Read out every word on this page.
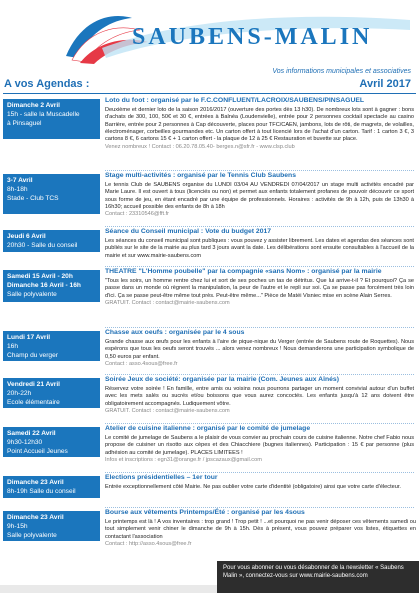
SAUBENS-MALIN
Vos informations municipales et associatives
A vos Agendas :	Avril 2017
Dimanche 2 Avril
15h - salle la Muscadelle
à Pinsaguel
Loto du foot : organisé par le F.C.CONFLUENT/LACROIX/SAUBENS/PINSAGUEL

Deuxième et dernier loto de la saison 2016/2017 (ouverture des portes dès 13 h30). De nombreux lots sont à gagner : bons d'achats de 300, 100, 50€ et 30 €, entrées à Balnéa (Loudenvielle), entrée pour 2 personnes cocktail spectacle au casino Barrière, entrée pour 2 personnes à Cap découverte, places pour TFC/CAEN, jambons, lots de rôti, de magrets, de volailles, électroménager, corbeilles gourmandes etc. Un carton offert à tout licencié lors de l'achat d'un carton. Tarif : 1 carton 3 €, 3 cartons 8 €, 6 cartons 15 € + 1 carton offert - la plaque de 12 à 25 € Restauration et buvette sur place.

Venez nombreux ! Contact : 06.20.78.05.40- berges.n@sfr.fr - www.clsp.club

3-7 Avril
8h-18h
Stade - Club TCS
Stage multi-activités : organisé par le Tennis Club Saubens

Le tennis Club de SAUBENS organise du LUNDI 03/04 AU VENDREDI 07/04/2017 un stage multi activités encadré par Marie Laure. Il est ouvert à tous (licenciés ou non) et permet aux enfants totalement profanes de pouvoir découvrir ce sport sous forme de jeu, en étant encadré par une équipe de professionnels. Horaires : activités de 9h à 12h, puis de 13h30 à 16h30; accueil possible des enfants de 8h à 18h

Contact : 23310546@fft.fr

Jeudi 6 Avril
20h30 - Salle du conseil
Séance du Conseil municipal : Vote du budget 2017

Les séances du conseil municipal sont publiques : vous pouvez y assister librement. Les dates et agendas des séances sont publiés sur le site de la mairie au plus tard 3 jours avant la date. Les délibérations sont ensuite consultables à l'accueil de la mairie et sur www.mairie-saubens.com

Samedi 15 Avril - 20h
Dimanche 16 Avril - 16h
Salle polyvalente
THEATRE "L'Homme poubelle" par la compagnie «sans Nom» : organisé par la mairie

"Tous les soirs, un homme rentre chez lui et sort de ses poches un tas de détritus. Que lui arrive-t-il ? Et pourquoi? Ça se passe dans un monde où règnent la manipulation, la peur de l'autre et le repli sur soi. Ça se passe pas forcément très loin d'ici. Ça se passe peut-être même tout près. Peut-être même..." Pièce de Matéi Visniec mise en scène Alain Serres.

GRATUIT. Contact : contact@mairie-saubens.com

Lundi 17 Avril
16h
Champ du verger
Chasse aux oeufs : organisée par le 4 sous

Grande chasse aux œufs pour les enfants à l'aire de pique-nique du Verger (entrée de Saubens route de Roquettes). Nous espérons que tous les oeufs seront trouvés ... alors venez nombreux ! Nous demanderons une participation symbolique de 0,50 euros par enfant.

Contact : asso.4sous@free.fr

Vendredi 21 Avril
20h-22h
Ecole élémentaire
Soirée Jeux de société: organisée par la mairie (Com. Jeunes aux Aînés)

Réservez votre soirée ! En famille, entre amis ou voisins nous pourrons partager un moment convivial autour d'un buffet avec les mets salés ou sucrés et/ou boissons que vous aurez concoctés. Les enfants jusqu'à 12 ans doivent être obligatoirement accompagnés. Ludiquement vôtre.

GRATUIT. Contact : contact@mairie-saubens.com

Samedi 22 Avril
9h30-12h30
Point Accueil Jeunes
Atelier de cuisine italienne : organisé par le comité de jumelage

Le comité de jumelage de Saubens a le plaisir de vous convier au prochain cours de cuisine italienne. Notre chef Fabio nous propose de cuisiner un risotto aux cèpes et des Chiacchiere (bugnes italiennes). Participation : 15 € par personne (plus adhésion au comité de jumelage). PLACES LIMITEES !

Infos et inscriptions : egn31@orange.fr / jpscazaux@gmail.com

Dimanche 23 Avril
8h-19h Salle du conseil
Elections présidentielles – 1er tour

Entrée exceptionnellement côté Mairie. Ne pas oublier votre carte d'identité (obligatoire) ainsi que votre carte d'électeur.

Dimanche 23 Avril
9h-15h
Salle polyvalente
Bourse aux vêtements Printemps/Été : organisé par les 4sous

Le printemps est là ! A vos inventaires : trop grand ! Trop petit ! ...et pourquoi ne pas venir déposer ces vêtements samedi ou tout simplement venir chiner le dimanche de 9h à 15h. Dès à présent, vous pouvez préparer vos listes, étiquettes en contactant l'association

Contact : http://asso.4sous@free.fr

Pour vous abonner ou vous désabonner de la newsletter « Saubens Malin », connectez-vous sur www.mairie-saubens.com
